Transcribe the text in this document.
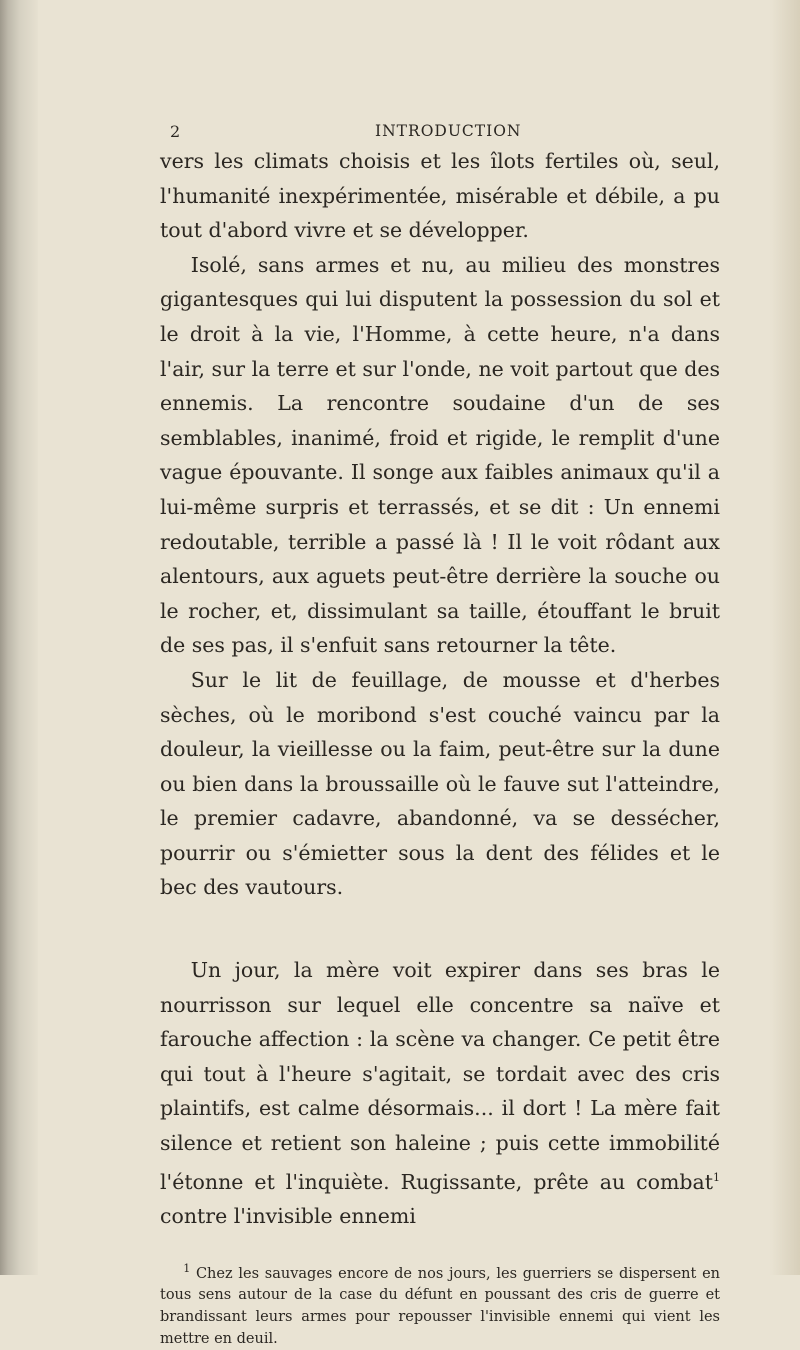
2	INTRODUCTION

vers les climats choisis et les îlots fertiles où, seul, l'humanité inexpérimentée, misérable et débile, a pu tout d'abord vivre et se développer.

Isolé, sans armes et nu, au milieu des monstres gigantesques qui lui disputent la possession du sol et le droit à la vie, l'Homme, à cette heure, n'a dans l'air, sur la terre et sur l'onde, ne voit partout que des ennemis. La rencontre soudaine d'un de ses semblables, inanimé, froid et rigide, le remplit d'une vague épouvante. Il songe aux faibles animaux qu'il a lui-même surpris et terrassés, et se dit : Un ennemi redoutable, terrible a passé là ! Il le voit rôdant aux alentours, aux aguets peut-être derrière la souche ou le rocher, et, dissimulant sa taille, étouffant le bruit de ses pas, il s'enfuit sans retourner la tête.

Sur le lit de feuillage, de mousse et d'herbes sèches, où le moribond s'est couché vaincu par la douleur, la vieillesse ou la faim, peut-être sur la dune ou bien dans la broussaille où le fauve sut l'atteindre, le premier cadavre, abandonné, va se dessécher, pourrir ou s'émietter sous la dent des félides et le bec des vautours.

Un jour, la mère voit expirer dans ses bras le nourrisson sur lequel elle concentre sa naïve et farouche affection : la scène va changer. Ce petit être qui tout à l'heure s'agitait, se tordait avec des cris plaintifs, est calme désormais... il dort ! La mère fait silence et retient son haleine ; puis cette immobilité l'étonne et l'inquiète. Rugissante, prête au combat$^1$ contre l'invisible ennemi

$^1$ Chez les sauvages encore de nos jours, les guerriers se dispersent en tous sens autour de la case du défunt en poussant des cris de guerre et brandissant leurs armes pour repousser l'invisible ennemi qui vient les mettre en deuil.
